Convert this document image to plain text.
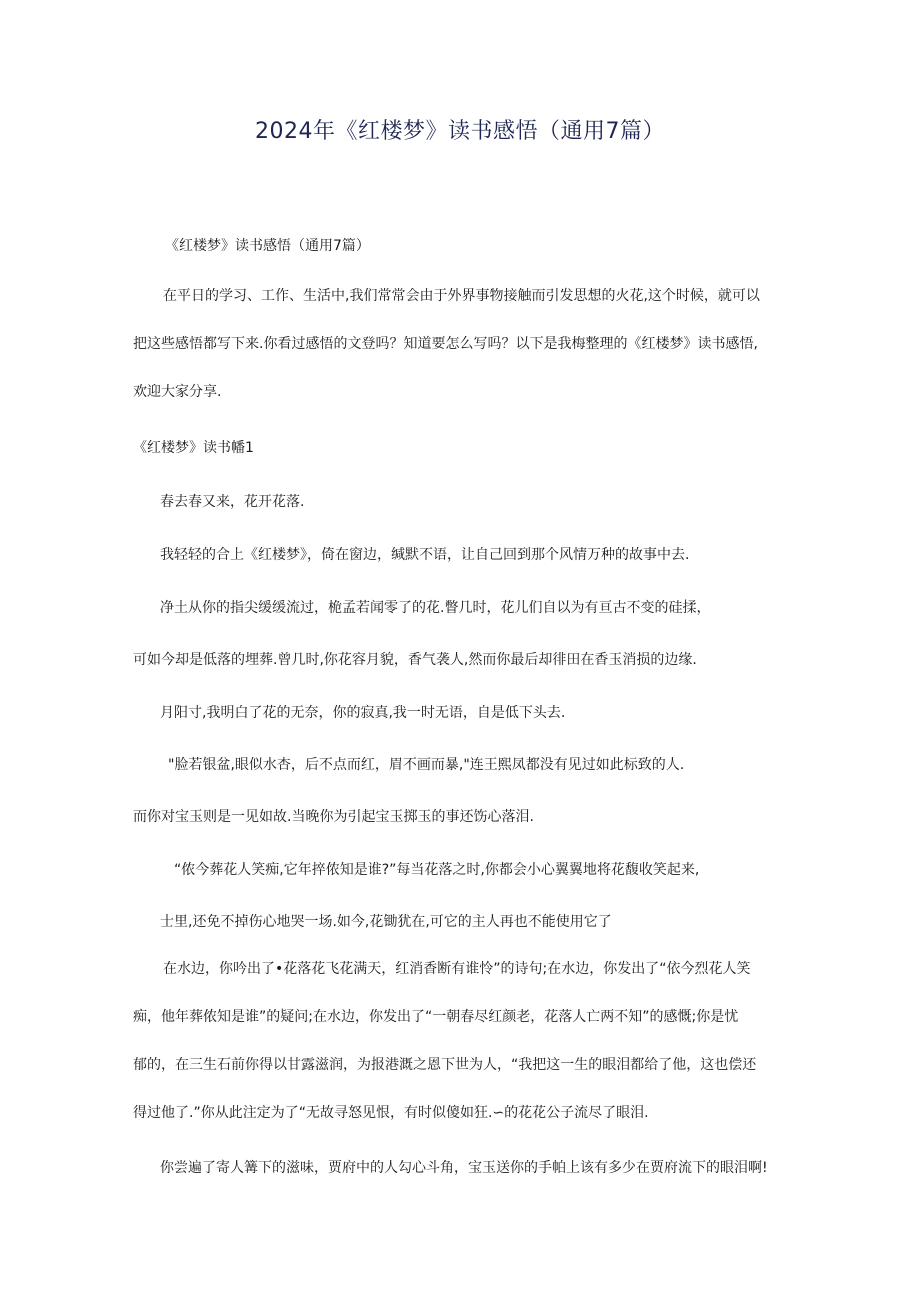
2024年《红楼梦》读书感悟（通用7篇）
《红楼梦》读书感悟（通用7篇）
在平日的学习、工作、生活中,我们常常会由于外界事物接触而引发思想的火花,这个时候，就可以
把这些感悟都写下来.你看过感悟的文登吗？知道要怎么写吗？以下是我梅整理的《红楼梦》读书感悟,
欢迎大家分享.
《红楼梦》读书幡1
春去春又来，花开花落.
我轻轻的合上《红楼梦》，倚在窗边，缄默不语，让自己回到那个风情万种的故事中去.
净土从你的指尖缓缓流过，桅孟若闻零了的花.瞥几时，花儿们自以为有亘古不变的硅揉，
可如今却是低落的埋葬.曾几时,你花容月貌，香气袭人,然而你最后却徘田在香玉消损的边缘.
月阳寸,我明白了花的无奈，你的寂真,我一时无语，自是低下头去.
"脸若银盆,眼似水杏，后不点而红，眉不画而暴,"连王熙凤都没有见过如此标致的人.
而你对宝玉则是一见如故.当晚你为引起宝玉掷玉的事还饬心落泪.
“侬今葬花人笑痴,它年捽侬知是谁?”每当花落之时,你都会小心翼翼地将花馥收笑起来,
士里,还免不掉伤心地哭一场.如今,花锄犹在,可它的主人再也不能使用它了
在水边，你吟出了•花落花飞花满天，红消香断有谁怜”的诗句;在水边，你发出了“依今烈花人笑
痴，他年葬侬知是谁”的疑问;在水边，你发出了“一朝春尽红颜老，花落人亡两不知”的感慨;你是忧
郁的，在三生石前你得以甘露滋润，为报港溉之恩下世为人，“我把这一生的眼泪都给了他，这也偿还
得过他了.”你从此注定为了“无故寻怒见恨，有时似傻如狂.∽的花花公子流尽了眼泪.
你尝遍了寄人篝下的滋味，贾府中的人勾心斗角，宝玉送你的手帕上该有多少在贾府流下的眼泪啊!
